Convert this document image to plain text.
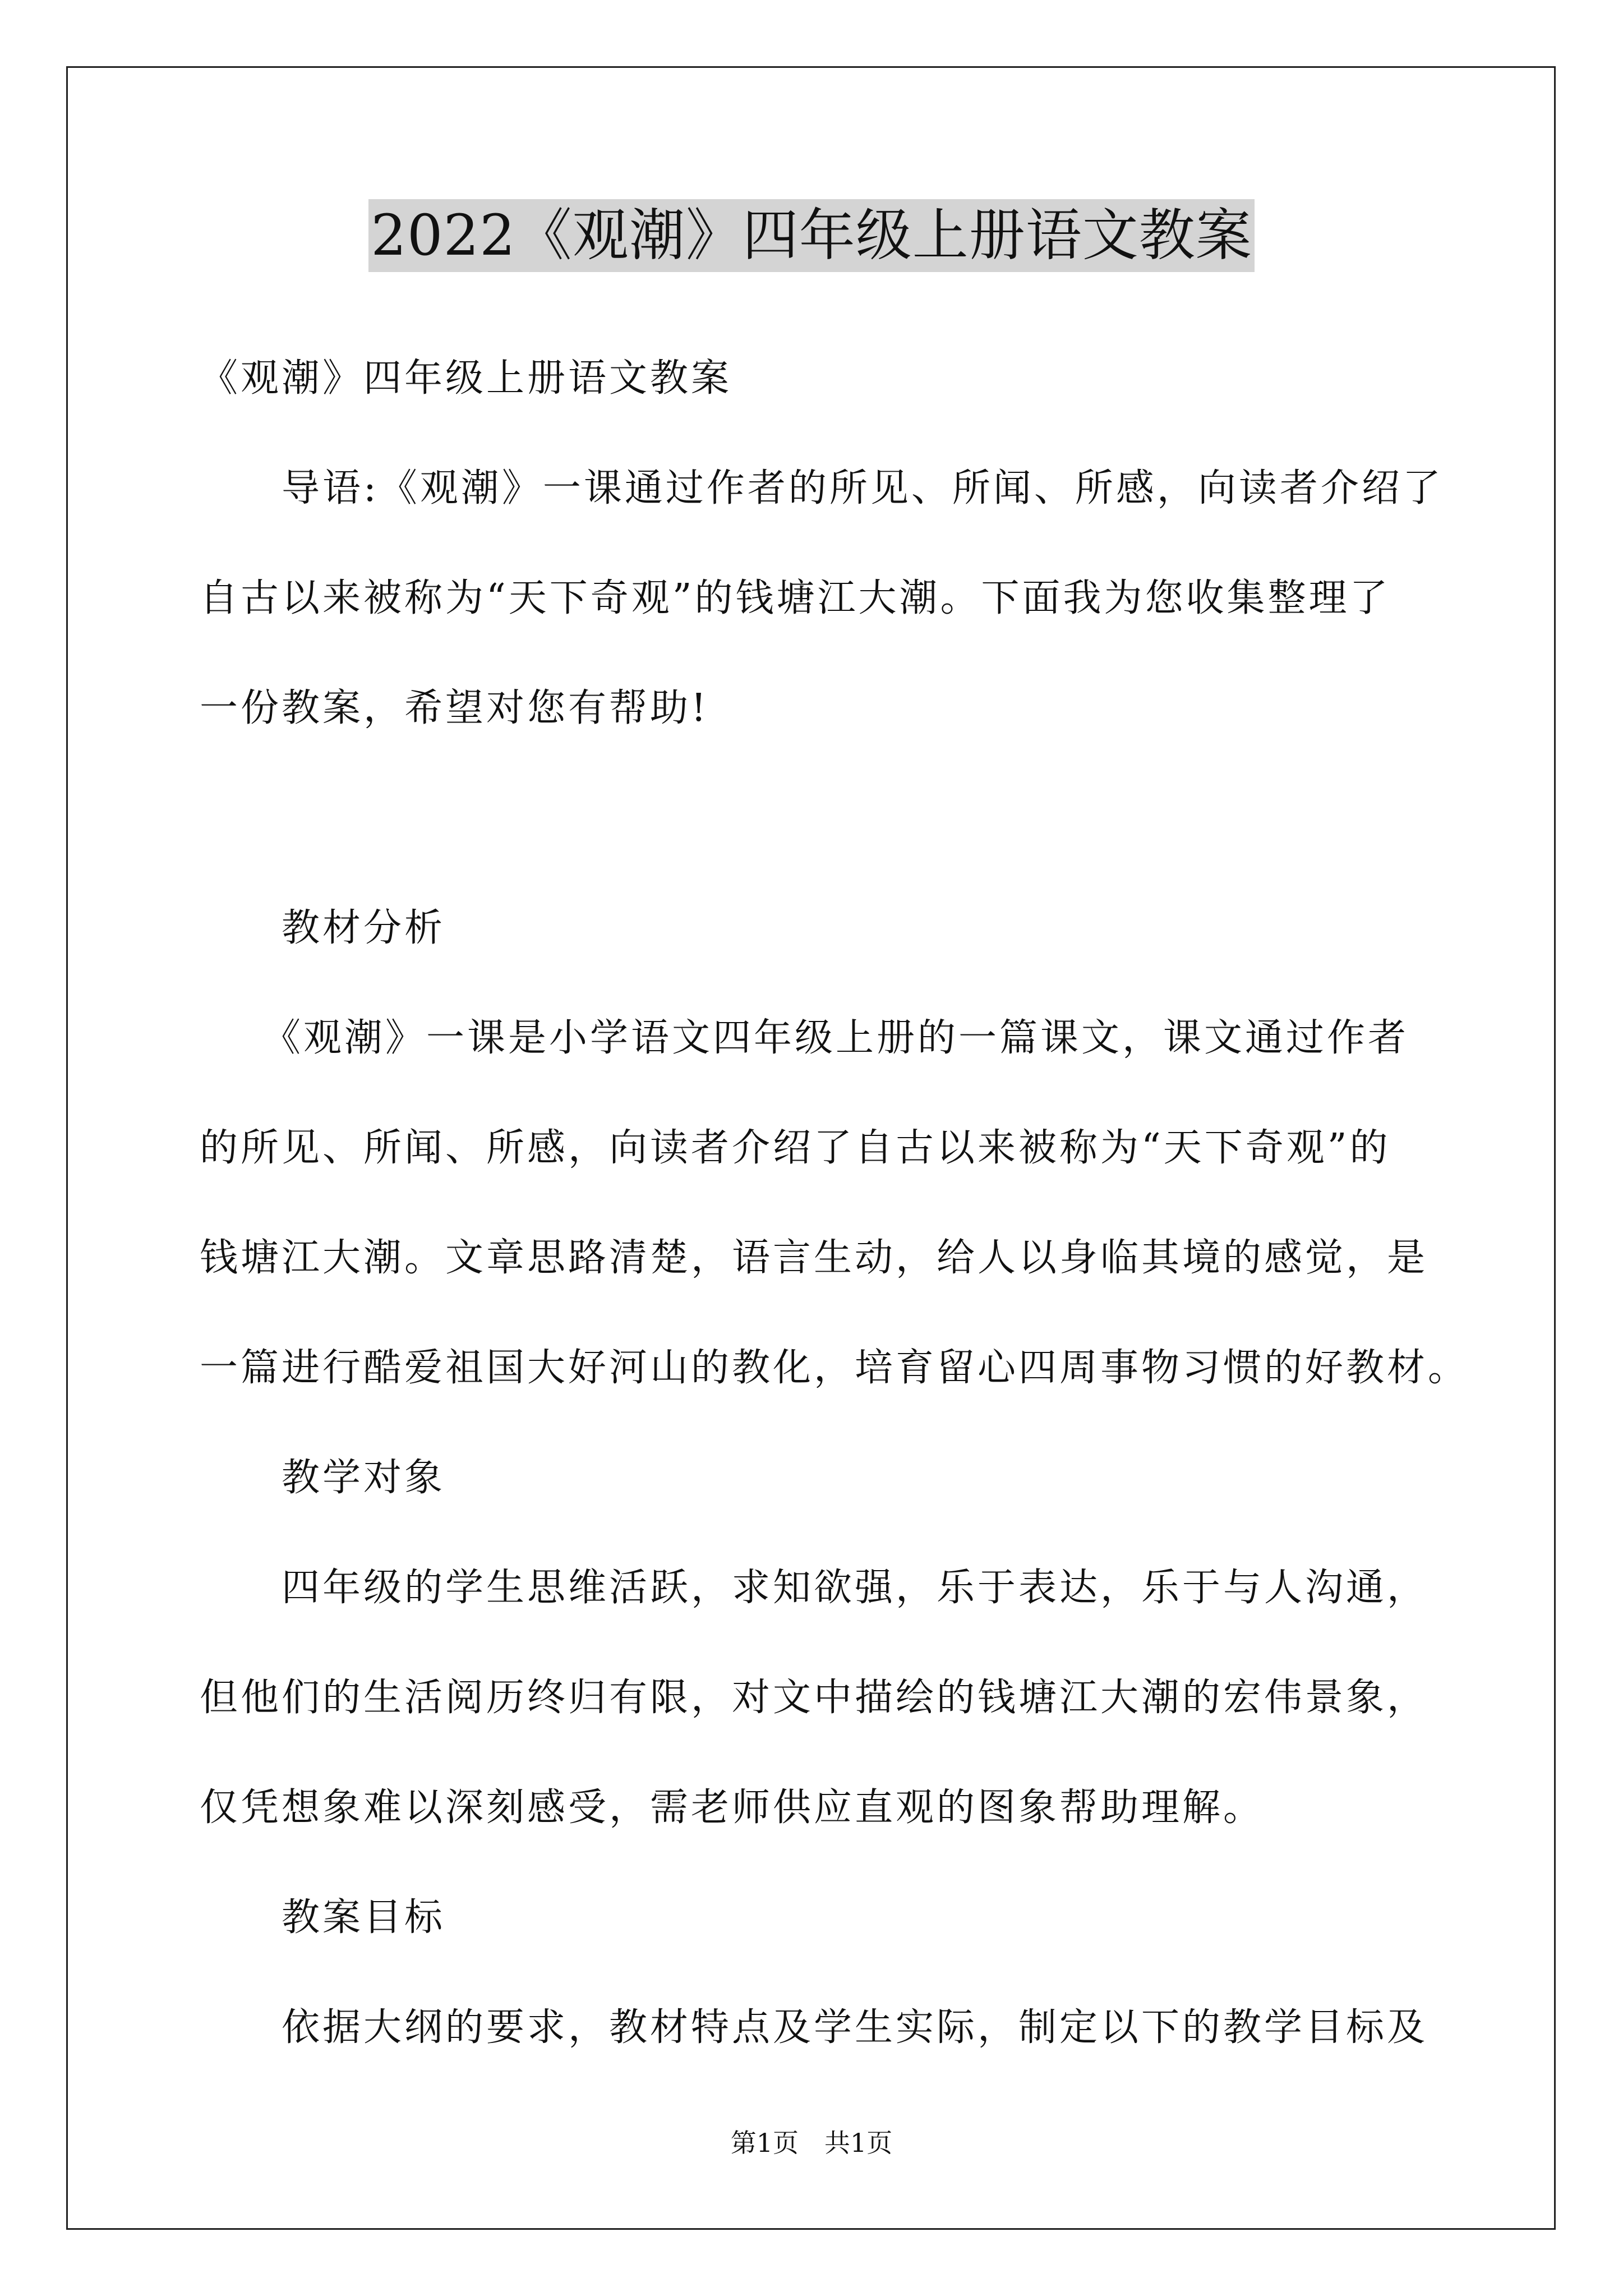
2022《观潮》四年级上册语文教案
《观潮》四年级上册语文教案
　　导语:《观潮》一课通过作者的所见、所闻、所感，向读者介绍了
自古以来被称为“天下奇观”的钱塘江大潮。下面我为您收集整理了
一份教案，希望对您有帮助!
　　教材分析
　　《观潮》一课是小学语文四年级上册的一篇课文，课文通过作者
的所见、所闻、所感，向读者介绍了自古以来被称为“天下奇观”的
钱塘江大潮。文章思路清楚，语言生动，给人以身临其境的感觉，是
一篇进行酷爱祖国大好河山的教化，培育留心四周事物习惯的好教材。
　　教学对象
　　四年级的学生思维活跃，求知欲强，乐于表达，乐于与人沟通，
但他们的生活阅历终归有限，对文中描绘的钱塘江大潮的宏伟景象，
仅凭想象难以深刻感受，需老师供应直观的图象帮助理解。
　　教案目标
　　依据大纲的要求，教材特点及学生实际，制定以下的教学目标及
第1页　共1页
